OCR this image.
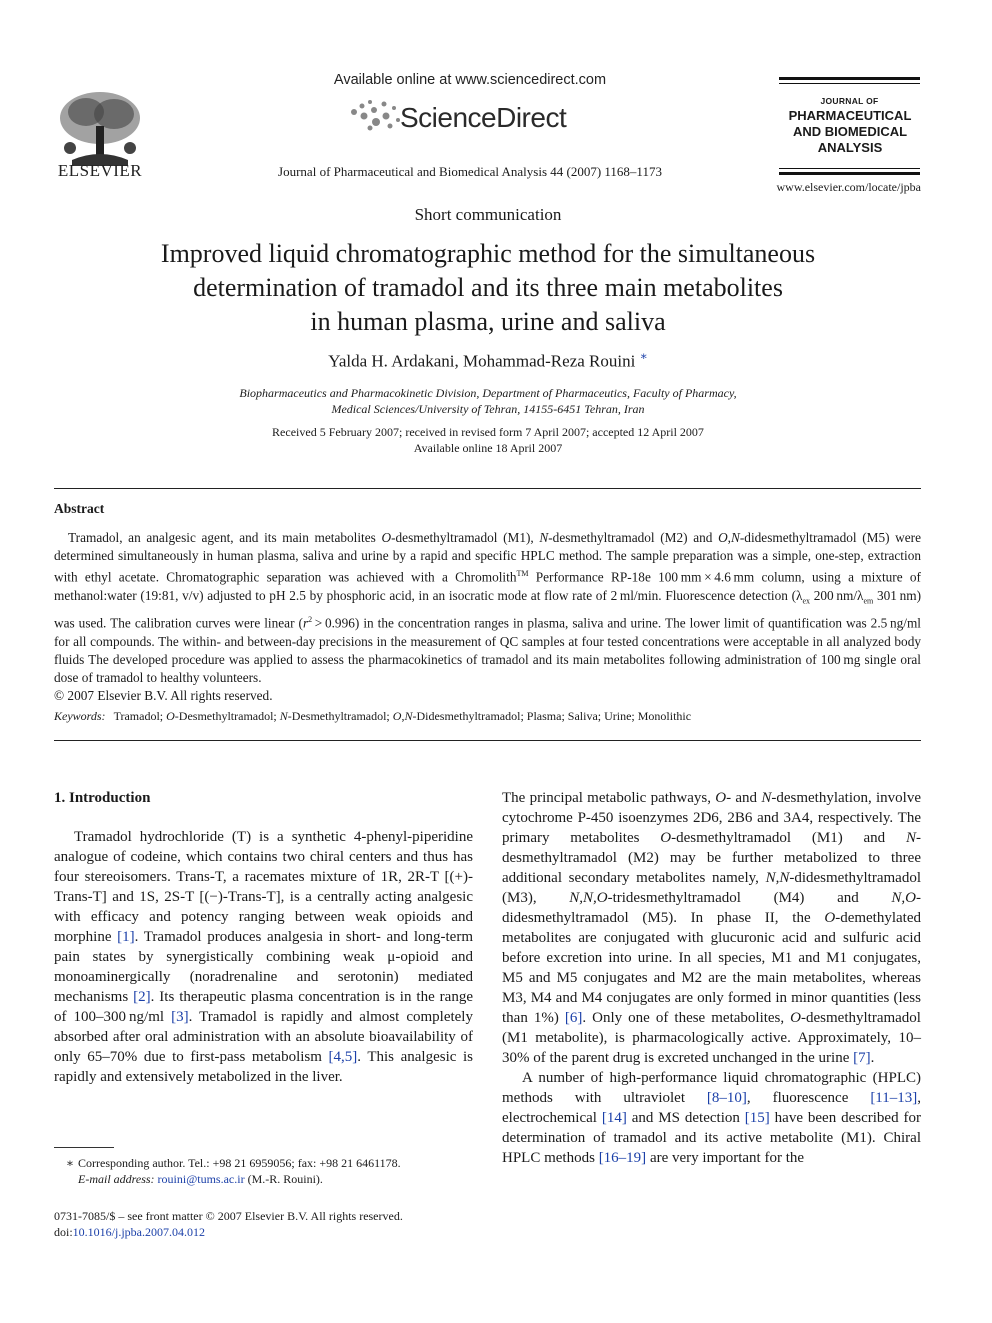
ELSEVIER
Available online at www.sciencedirect.com
ScienceDirect
Journal of Pharmaceutical and Biomedical Analysis 44 (2007) 1168–1173
JOURNAL OF
PHARMACEUTICAL
AND BIOMEDICAL
ANALYSIS
www.elsevier.com/locate/jpba
Short communication
Improved liquid chromatographic method for the simultaneous
determination of tramadol and its three main metabolites
in human plasma, urine and saliva
Yalda H. Ardakani, Mohammad-Reza Rouini ∗
Biopharmaceutics and Pharmacokinetic Division, Department of Pharmaceutics, Faculty of Pharmacy,
Medical Sciences/University of Tehran, 14155-6451 Tehran, Iran
Received 5 February 2007; received in revised form 7 April 2007; accepted 12 April 2007
Available online 18 April 2007
Abstract
Tramadol, an analgesic agent, and its main metabolites O-desmethyltramadol (M1), N-desmethyltramadol (M2) and O,N-didesmethyltramadol (M5) were determined simultaneously in human plasma, saliva and urine by a rapid and specific HPLC method. The sample preparation was a simple, one-step, extraction with ethyl acetate. Chromatographic separation was achieved with a Chromolith™ Performance RP-18e 100 mm × 4.6 mm column, using a mixture of methanol:water (19:81, v/v) adjusted to pH 2.5 by phosphoric acid, in an isocratic mode at flow rate of 2 ml/min. Fluorescence detection ($\lambda_{ex}$ 200 $nm/\lambda_{em}$ 301 nm) was used. The calibration curves were linear $(r^2 > 0.996)$ in the concentration ranges in plasma, saliva and urine. The lower limit of quantification was 2.5 ng/ml for all compounds. The within- and between-day precisions in the measurement of QC samples at four tested concentrations were acceptable in all analyzed body fluids The developed procedure was applied to assess the pharmacokinetics of tramadol and its main metabolites following administration of 100 mg single oral dose of tramadol to healthy volunteers.
© 2007 Elsevier B.V. All rights reserved.
Keywords: Tramadol; O-Desmethyltramadol; N-Desmethyltramadol; O,N-Didesmethyltramadol; Plasma; Saliva; Urine; Monolithic

1. Introduction

Tramadol hydrochloride (T) is a synthetic 4-phenyl-piperidine analogue of codeine, which contains two chiral centers and thus has four stereoisomers. Trans-T, a racemates mixture of 1R, 2R-T [(+)-Trans-T] and 1S, 2S-T [(−)-Trans-T], is a centrally acting analgesic with efficacy and potency ranging between weak opioids and morphine [1]. Tramadol produces analgesia in short- and long-term pain states by synergistically combining weak μ-opioid and monoaminergically (noradrenaline and serotonin) mediated mechanisms [2]. Its therapeutic plasma concentration is in the range of 100–300 ng/ml [3]. Tramadol is rapidly and almost completely absorbed after oral administration with an absolute bioavailability of only 65–70% due to first-pass metabolism [4,5]. This analgesic is rapidly and extensively metabolized in the liver.

The principal metabolic pathways, O- and N-desmethylation, involve cytochrome P-450 isoenzymes 2D6, 2B6 and 3A4, respectively. The primary metabolites O-desmethyltramadol (M1) and N-desmethyltramadol (M2) may be further metabolized to three additional secondary metabolites namely, N,N-didesmethyltramadol (M3), N,N,O-tridesmethyltramadol (M4) and N,O-didesmethyltramadol (M5). In phase II, the O-demethylated metabolites are conjugated with glucuronic acid and sulfuric acid before excretion into urine. In all species, M1 and M1 conjugates, M5 and M5 conjugates and M2 are the main metabolites, whereas M3, M4 and M4 conjugates are only formed in minor quantities (less than 1%) [6]. Only one of these metabolites, O-desmethyltramadol (M1 metabolite), is pharmacologically active. Approximately, 10–30% of the parent drug is excreted unchanged in the urine [7].

A number of high-performance liquid chromatographic (HPLC) methods with ultraviolet [8–10], fluorescence [11–13], electrochemical [14] and MS detection [15] have been described for determination of tramadol and its active metabolite (M1). Chiral HPLC methods [16–19] are very important for the

∗ Corresponding author. Tel.: +98 21 6959056; fax: +98 21 6461178.
E-mail address: rouini@tums.ac.ir (M.-R. Rouini).
0731-7085/$ – see front matter © 2007 Elsevier B.V. All rights reserved.
doi:10.1016/j.jpba.2007.04.012
